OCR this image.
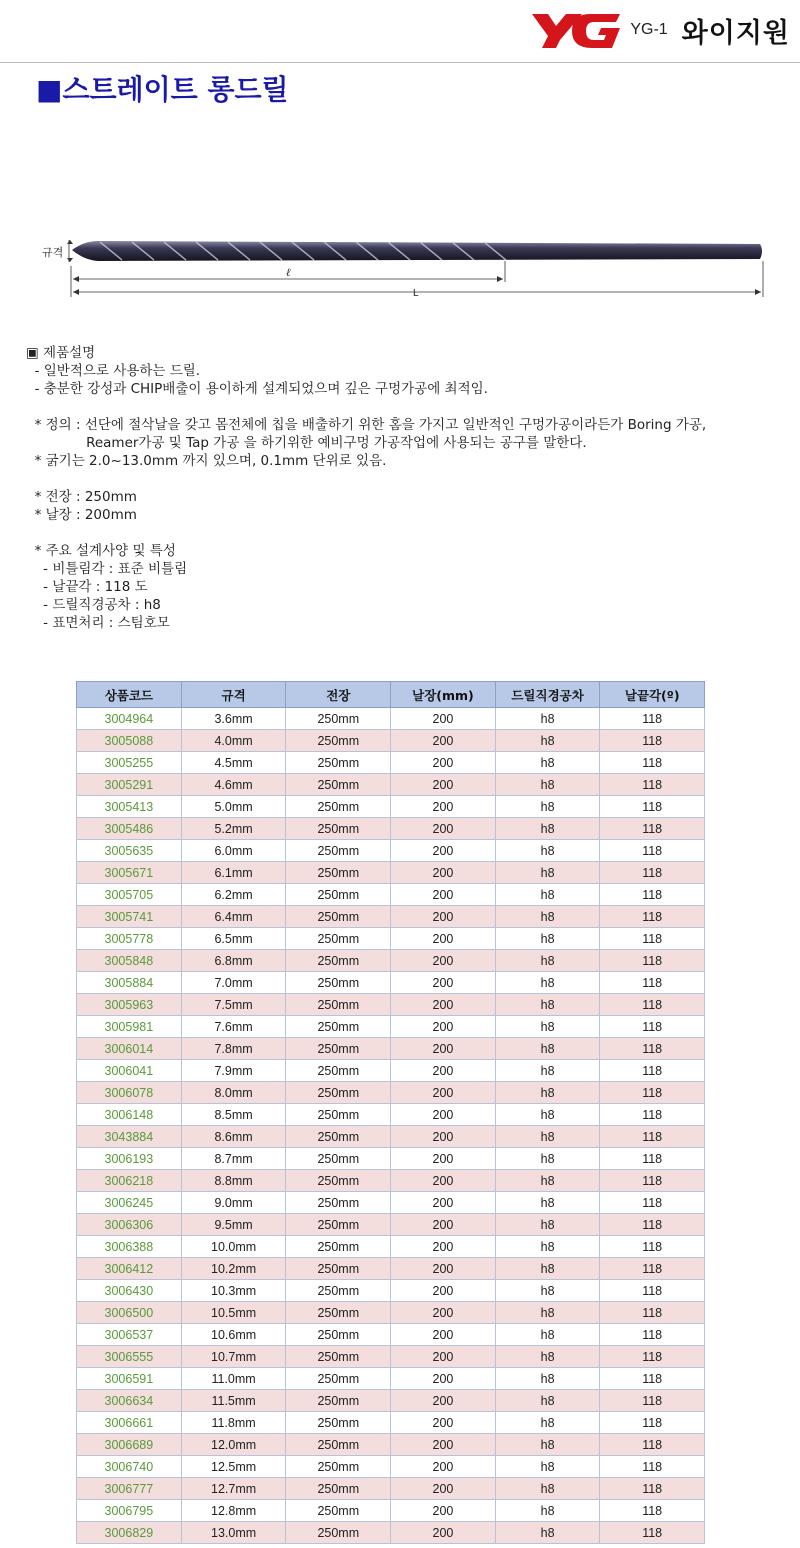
YG-1 와이지원
■스트레이트 롱드릴
규격
ℓ
L
▣ 제품설명
- 일반적으로 사용하는 드릴.
- 충분한 강성과 CHIP배출이 용이하게 설계되었으며 깊은 구멍가공에 최적임.
* 정의 : 선단에 절삭날을 갖고 몸전체에 칩을 배출하기 위한 홈을 가지고 일반적인 구멍가공이라든가 Boring 가공,
Reamer가공 및 Tap 가공 을 하기위한 예비구멍 가공작업에 사용되는 공구를 말한다.
* 굵기는 2.0~13.0mm 까지 있으며, 0.1mm 단위로 있음.
* 전장 : 250mm
* 날장 : 200mm
* 주요 설계사양 및 특성
- 비틀림각 : 표준 비틀림
- 날끝각 : 118 도
- 드릴직경공차 : h8
- 표면처리 : 스팀호모
상품코드	규격	전장	날장(mm)	드릴직경공차	날끝각(º)
3004964	3.6mm	250mm	200	h8	118
3005088	4.0mm	250mm	200	h8	118
3005255	4.5mm	250mm	200	h8	118
3005291	4.6mm	250mm	200	h8	118
3005413	5.0mm	250mm	200	h8	118
3005486	5.2mm	250mm	200	h8	118
3005635	6.0mm	250mm	200	h8	118
3005671	6.1mm	250mm	200	h8	118
3005705	6.2mm	250mm	200	h8	118
3005741	6.4mm	250mm	200	h8	118
3005778	6.5mm	250mm	200	h8	118
3005848	6.8mm	250mm	200	h8	118
3005884	7.0mm	250mm	200	h8	118
3005963	7.5mm	250mm	200	h8	118
3005981	7.6mm	250mm	200	h8	118
3006014	7.8mm	250mm	200	h8	118
3006041	7.9mm	250mm	200	h8	118
3006078	8.0mm	250mm	200	h8	118
3006148	8.5mm	250mm	200	h8	118
3043884	8.6mm	250mm	200	h8	118
3006193	8.7mm	250mm	200	h8	118
3006218	8.8mm	250mm	200	h8	118
3006245	9.0mm	250mm	200	h8	118
3006306	9.5mm	250mm	200	h8	118
3006388	10.0mm	250mm	200	h8	118
3006412	10.2mm	250mm	200	h8	118
3006430	10.3mm	250mm	200	h8	118
3006500	10.5mm	250mm	200	h8	118
3006537	10.6mm	250mm	200	h8	118
3006555	10.7mm	250mm	200	h8	118
3006591	11.0mm	250mm	200	h8	118
3006634	11.5mm	250mm	200	h8	118
3006661	11.8mm	250mm	200	h8	118
3006689	12.0mm	250mm	200	h8	118
3006740	12.5mm	250mm	200	h8	118
3006777	12.7mm	250mm	200	h8	118
3006795	12.8mm	250mm	200	h8	118
3006829	13.0mm	250mm	200	h8	118
